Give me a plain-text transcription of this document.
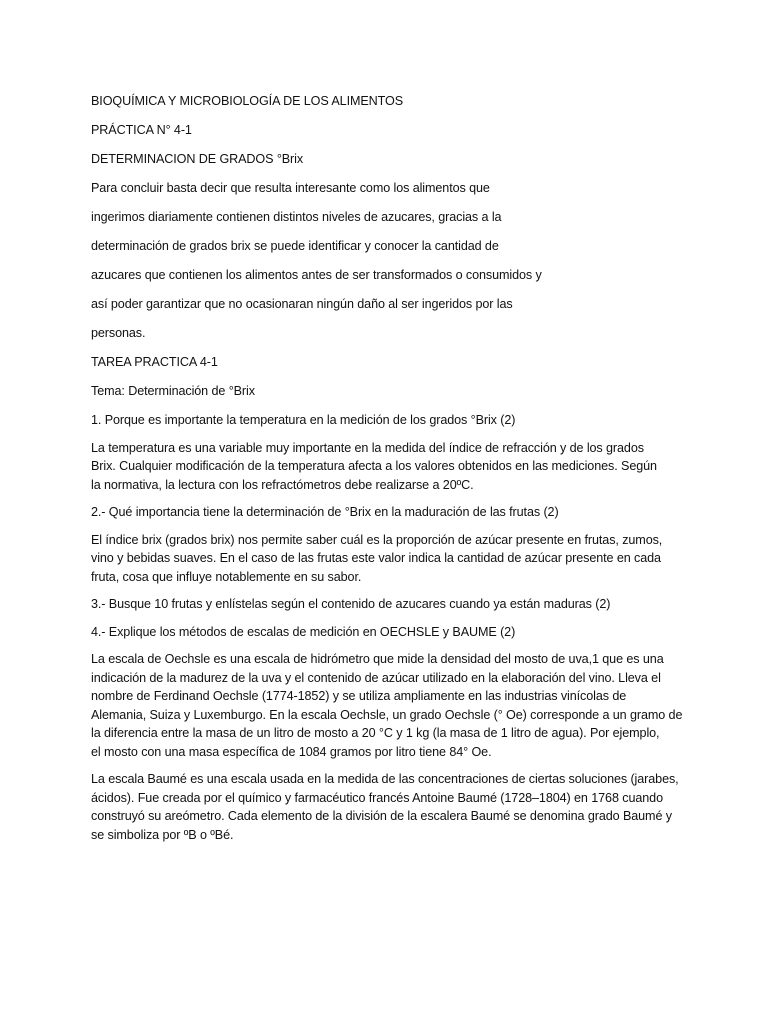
BIOQUÍMICA Y MICROBIOLOGÍA DE LOS ALIMENTOS
PRÁCTICA N° 4-1
DETERMINACION DE GRADOS °Brix
Para concluir basta decir que resulta interesante como los alimentos que
ingerimos diariamente contienen distintos niveles de azucares, gracias a la
determinación de grados brix se puede identificar y conocer la cantidad de
azucares que contienen los alimentos antes de ser transformados o consumidos y
así poder garantizar que no ocasionaran ningún daño al ser ingeridos por las
personas.
TAREA PRACTICA 4-1
Tema: Determinación de °Brix
1. Porque es importante la temperatura en la medición de los grados °Brix (2)
La temperatura es una variable muy importante en la medida del índice de refracción y de los grados
Brix. Cualquier modificación de la temperatura afecta a los valores obtenidos en las mediciones. Según
la normativa, la lectura con los refractómetros debe realizarse a 20ºC.
2.- Qué importancia tiene la determinación de °Brix en la maduración de las frutas (2)
El índice brix (grados brix) nos permite saber cuál es la proporción de azúcar presente en frutas, zumos,
vino y bebidas suaves. En el caso de las frutas este valor indica la cantidad de azúcar presente en cada
fruta, cosa que influye notablemente en su sabor.
3.- Busque 10 frutas y enlístelas según el contenido de azucares cuando ya están maduras (2)
4.- Explique los métodos de escalas de medición en OECHSLE y BAUME (2)
La escala de Oechsle es una escala de hidrómetro que mide la densidad del mosto de uva,1 que es una
indicación de la madurez de la uva y el contenido de azúcar utilizado en la elaboración del vino. Lleva el
nombre de Ferdinand Oechsle (1774-1852) y se utiliza ampliamente en las industrias vinícolas de
Alemania, Suiza y Luxemburgo. En la escala Oechsle, un grado Oechsle (° Oe) corresponde a un gramo de
la diferencia entre la masa de un litro de mosto a 20 °C y 1 kg (la masa de 1 litro de agua). Por ejemplo,
el mosto con una masa específica de 1084 gramos por litro tiene 84° Oe.
La escala Baumé es una escala usada en la medida de las concentraciones de ciertas soluciones (jarabes,
ácidos). Fue creada por el químico y farmacéutico francés Antoine Baumé (1728–1804) en 1768 cuando
construyó su areómetro. Cada elemento de la división de la escalera Baumé se denomina grado Baumé y
se simboliza por ºB o ºBé.
